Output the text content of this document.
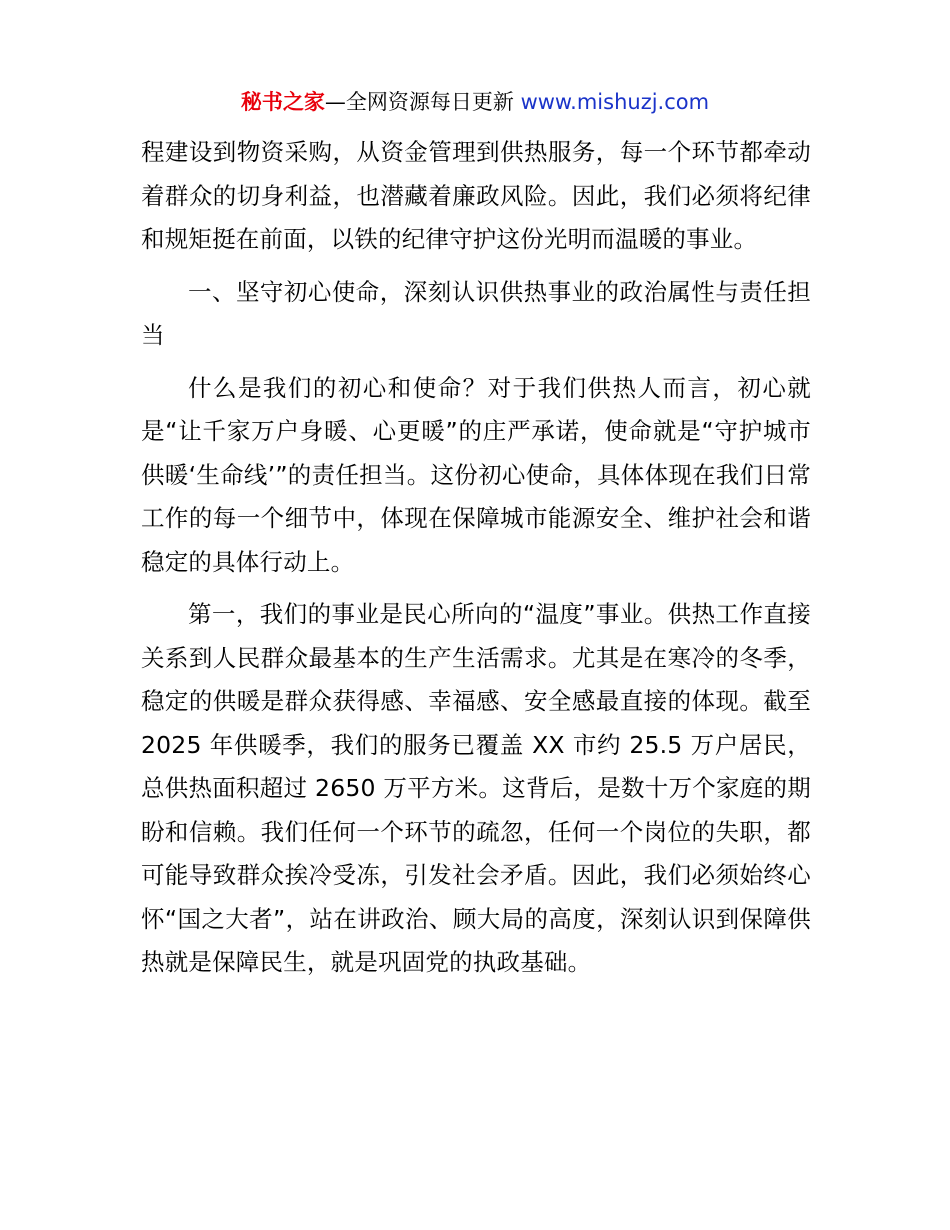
秘书之家—全网资源每日更新 www.mishuzj.com

程建设到物资采购，从资金管理到供热服务，每一个环节都牵动着群众的切身利益，也潜藏着廉政风险。因此，我们必须将纪律和规矩挺在前面，以铁的纪律守护这份光明而温暖的事业。

一、坚守初心使命，深刻认识供热事业的政治属性与责任担当

什么是我们的初心和使命？对于我们供热人而言，初心就是“让千家万户身暖、心更暖”的庄严承诺，使命就是“守护城市供暖‘生命线’”的责任担当。这份初心使命，具体体现在我们日常工作的每一个细节中，体现在保障城市能源安全、维护社会和谐稳定的具体行动上。

第一，我们的事业是民心所向的“温度”事业。供热工作直接关系到人民群众最基本的生产生活需求。尤其是在寒冷的冬季，稳定的供暖是群众获得感、幸福感、安全感最直接的体现。截至 2025 年供暖季，我们的服务已覆盖 XX 市约 25.5 万户居民，总供热面积超过 2650 万平方米。这背后，是数十万个家庭的期盼和信赖。我们任何一个环节的疏忽，任何一个岗位的失职，都可能导致群众挨冷受冻，引发社会矛盾。因此，我们必须始终心怀“国之大者”，站在讲政治、顾大局的高度，深刻认识到保障供热就是保障民生，就是巩固党的执政基础。
